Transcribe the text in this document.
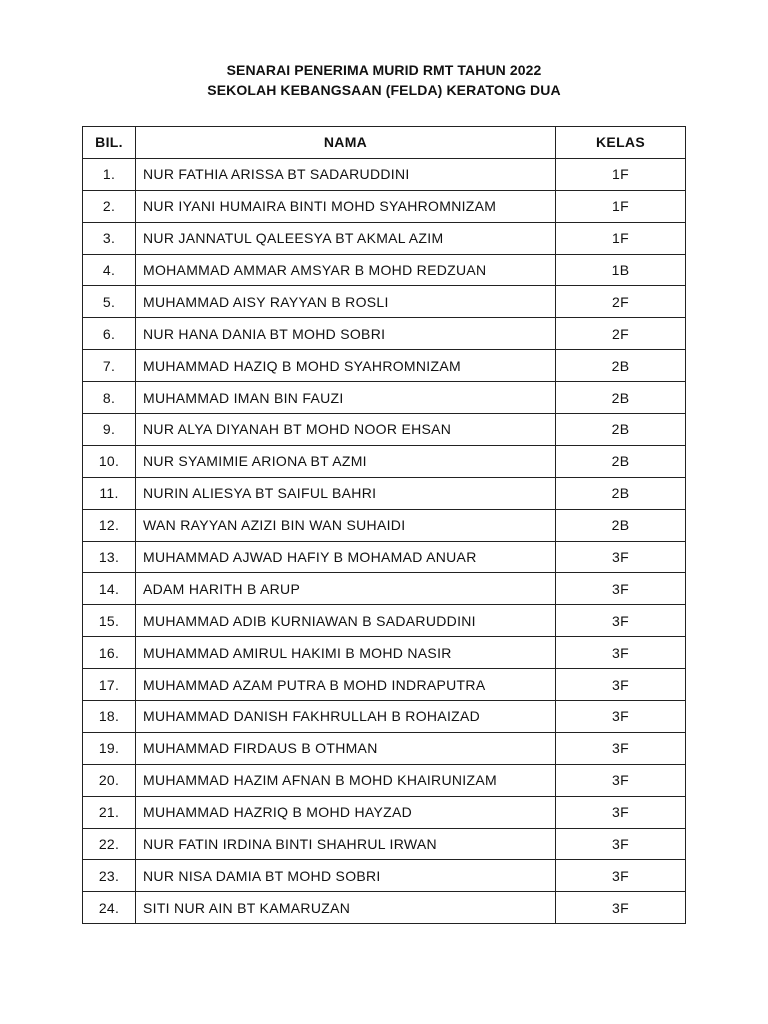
SENARAI PENERIMA MURID RMT TAHUN 2022
SEKOLAH KEBANGSAAN (FELDA) KERATONG DUA
BIL.	NAMA	KELAS
1.	NUR FATHIA ARISSA BT SADARUDDINI	1F
2.	NUR IYANI HUMAIRA BINTI MOHD SYAHROMNIZAM	1F
3.	NUR JANNATUL QALEESYA BT AKMAL AZIM	1F
4.	MOHAMMAD AMMAR AMSYAR B MOHD REDZUAN	1B
5.	MUHAMMAD AISY RAYYAN B ROSLI	2F
6.	NUR HANA DANIA BT MOHD SOBRI	2F
7.	MUHAMMAD HAZIQ B MOHD SYAHROMNIZAM	2B
8.	MUHAMMAD IMAN BIN FAUZI	2B
9.	NUR ALYA DIYANAH BT MOHD NOOR EHSAN	2B
10.	NUR SYAMIMIE ARIONA BT AZMI	2B
11.	NURIN ALIESYA BT SAIFUL BAHRI	2B
12.	WAN RAYYAN AZIZI BIN WAN SUHAIDI	2B
13.	MUHAMMAD AJWAD HAFIY B MOHAMAD ANUAR	3F
14.	ADAM HARITH B ARUP	3F
15.	MUHAMMAD ADIB KURNIAWAN B SADARUDDINI	3F
16.	MUHAMMAD AMIRUL HAKIMI B MOHD NASIR	3F
17.	MUHAMMAD AZAM PUTRA B MOHD INDRAPUTRA	3F
18.	MUHAMMAD DANISH FAKHRULLAH B ROHAIZAD	3F
19.	MUHAMMAD FIRDAUS B OTHMAN	3F
20.	MUHAMMAD HAZIM AFNAN B MOHD KHAIRUNIZAM	3F
21.	MUHAMMAD HAZRIQ B MOHD HAYZAD	3F
22.	NUR FATIN IRDINA BINTI SHAHRUL IRWAN	3F
23.	NUR NISA DAMIA BT MOHD SOBRI	3F
24.	SITI NUR AIN BT KAMARUZAN	3F
